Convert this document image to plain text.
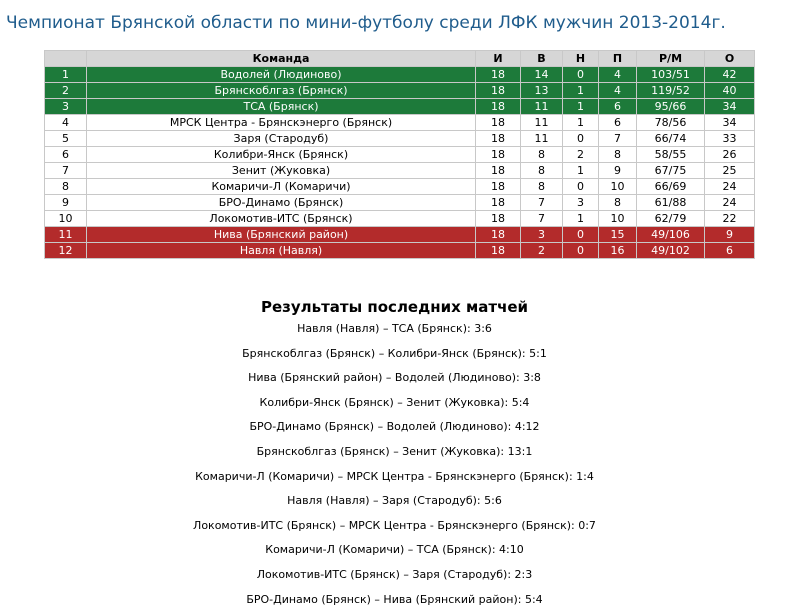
Чемпионат Брянской области по мини-футболу среди ЛФК мужчин 2013-2014г.
	Команда	И	В	Н	П	Р/М	О
1	Водолей (Людиново)	18	14	0	4	103/51	42
2	Брянскоблгаз (Брянск)	18	13	1	4	119/52	40
3	ТСА (Брянск)	18	11	1	6	95/66	34
4	МРСК Центра - Брянскэнерго (Брянск)	18	11	1	6	78/56	34
5	Заря (Стародуб)	18	11	0	7	66/74	33
6	Колибри-Янск (Брянск)	18	8	2	8	58/55	26
7	Зенит (Жуковка)	18	8	1	9	67/75	25
8	Комаричи-Л (Комаричи)	18	8	0	10	66/69	24
9	БРО-Динамо (Брянск)	18	7	3	8	61/88	24
10	Локомотив-ИТС (Брянск)	18	7	1	10	62/79	22
11	Нива (Брянский район)	18	3	0	15	49/106	9
12	Навля (Навля)	18	2	0	16	49/102	6
Результаты последних матчей
Навля (Навля) – ТСА (Брянск): 3:6
Брянскоблгаз (Брянск) – Колибри-Янск (Брянск): 5:1
Нива (Брянский район) – Водолей (Людиново): 3:8
Колибри-Янск (Брянск) – Зенит (Жуковка): 5:4
БРО-Динамо (Брянск) – Водолей (Людиново): 4:12
Брянскоблгаз (Брянск) – Зенит (Жуковка): 13:1
Комаричи-Л (Комаричи) – МРСК Центра - Брянскэнерго (Брянск): 1:4
Навля (Навля) – Заря (Стародуб): 5:6
Локомотив-ИТС (Брянск) – МРСК Центра - Брянскэнерго (Брянск): 0:7
Комаричи-Л (Комаричи) – ТСА (Брянск): 4:10
Локомотив-ИТС (Брянск) – Заря (Стародуб): 2:3
БРО-Динамо (Брянск) – Нива (Брянский район): 5:4
